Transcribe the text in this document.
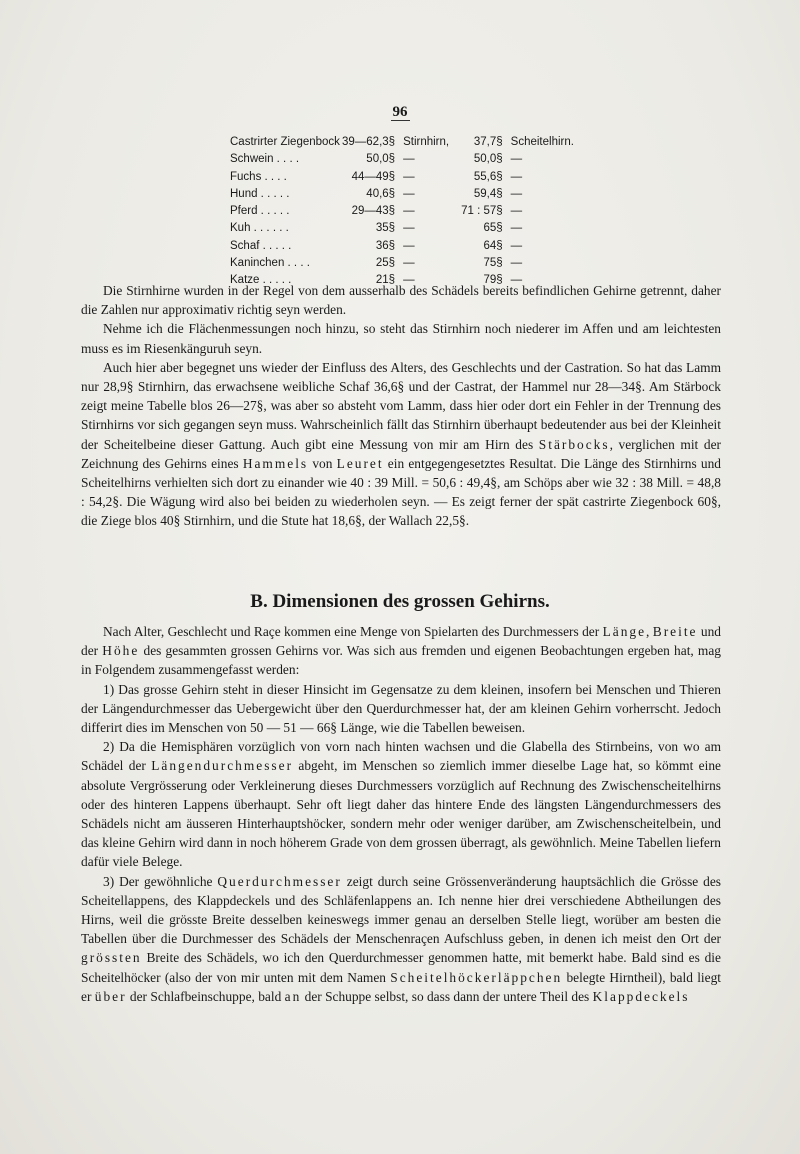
96
Castrirter Ziegenbock	39—62,3§	Stirnhirn,	37,7§	Scheitelhirn.
Schwein . . . .	50,0§	—	50,0§	—
Fuchs . . . .	44—49§	—	55,6§	—
Hund . . . . .	40,6§	—	59,4§	—
Pferd . . . . .	29—43§	—	71 : 57§	—
Kuh . . . . . .	35§	—	65§	—
Schaf . . . . .	36§	—	64§	—
Kaninchen . . . .	25§	—	75§	—
Katze . . . . .	21§	—	79§	—

Die Stirnhirne wurden in der Regel von dem ausserhalb des Schädels bereits befindlichen Gehirne getrennt, daher die Zahlen nur approximativ richtig seyn werden.

Nehme ich die Flächenmessungen noch hinzu, so steht das Stirnhirn noch niederer im Affen und am leichtesten muss es im Riesenkänguruh seyn.

Auch hier aber begegnet uns wieder der Einfluss des Alters, des Geschlechts und der Castration. So hat das Lamm nur 28,9§ Stirnhirn, das erwachsene weibliche Schaf 36,6§ und der Castrat, der Hammel nur 28—34§. Am Stärbock zeigt meine Tabelle blos 26—27§, was aber so absteht vom Lamm, dass hier oder dort ein Fehler in der Trennung des Stirnhirns vor sich gegangen seyn muss. Wahrscheinlich fällt das Stirnhirn überhaupt bedeutender aus bei der Kleinheit der Scheitelbeine dieser Gattung. Auch gibt eine Messung von mir am Hirn des Stärbocks, verglichen mit der Zeichnung des Gehirns eines Hammels von Leuret ein entgegengesetztes Resultat. Die Länge des Stirnhirns und Scheitelhirns verhielten sich dort zu einander wie 40 : 39 Mill. = 50,6 : 49,4§, am Schöps aber wie 32 : 38 Mill. = 48,8 : 54,2§. Die Wägung wird also bei beiden zu wiederholen seyn. — Es zeigt ferner der spät castrirte Ziegenbock 60§, die Ziege blos 40§ Stirnhirn, und die Stute hat 18,6§, der Wallach 22,5§.

B. Dimensionen des grossen Gehirns.

Nach Alter, Geschlecht und Raçe kommen eine Menge von Spielarten des Durchmessers der Länge, Breite und der Höhe des gesammten grossen Gehirns vor. Was sich aus fremden und eigenen Beobachtungen ergeben hat, mag in Folgendem zusammengefasst werden:

1) Das grosse Gehirn steht in dieser Hinsicht im Gegensatze zu dem kleinen, insofern bei Menschen und Thieren der Längendurchmesser das Uebergewicht über den Querdurchmesser hat, der am kleinen Gehirn vorherrscht. Jedoch differirt dies im Menschen von 50 — 51 — 66§ Länge, wie die Tabellen beweisen.

2) Da die Hemisphären vorzüglich von vorn nach hinten wachsen und die Glabella des Stirnbeins, von wo am Schädel der Längendurchmesser abgeht, im Menschen so ziemlich immer dieselbe Lage hat, so kömmt eine absolute Vergrösserung oder Verkleinerung dieses Durchmessers vorzüglich auf Rechnung des Zwischenscheitelhirns oder des hinteren Lappens überhaupt. Sehr oft liegt daher das hintere Ende des längsten Längendurchmessers des Schädels nicht am äusseren Hinterhauptshöcker, sondern mehr oder weniger darüber, am Zwischenscheitelbein, und das kleine Gehirn wird dann in noch höherem Grade von dem grossen überragt, als gewöhnlich. Meine Tabellen liefern dafür viele Belege.

3) Der gewöhnliche Querdurchmesser zeigt durch seine Grössenveränderung hauptsächlich die Grösse des Scheitellappens, des Klappdeckels und des Schläfenlappens an. Ich nenne hier drei verschiedene Abtheilungen des Hirns, weil die grösste Breite desselben keineswegs immer genau an derselben Stelle liegt, worüber am besten die Tabellen über die Durchmesser des Schädels der Menschenraçen Aufschluss geben, in denen ich meist den Ort der grössten Breite des Schädels, wo ich den Querdurchmesser genommen hatte, mit bemerkt habe. Bald sind es die Scheitelhöcker (also der von mir unten mit dem Namen Scheitelhöckerläppchen belegte Hirntheil), bald liegt er über der Schlafbeinschuppe, bald an der Schuppe selbst, so dass dann der untere Theil des Klappdeckels
